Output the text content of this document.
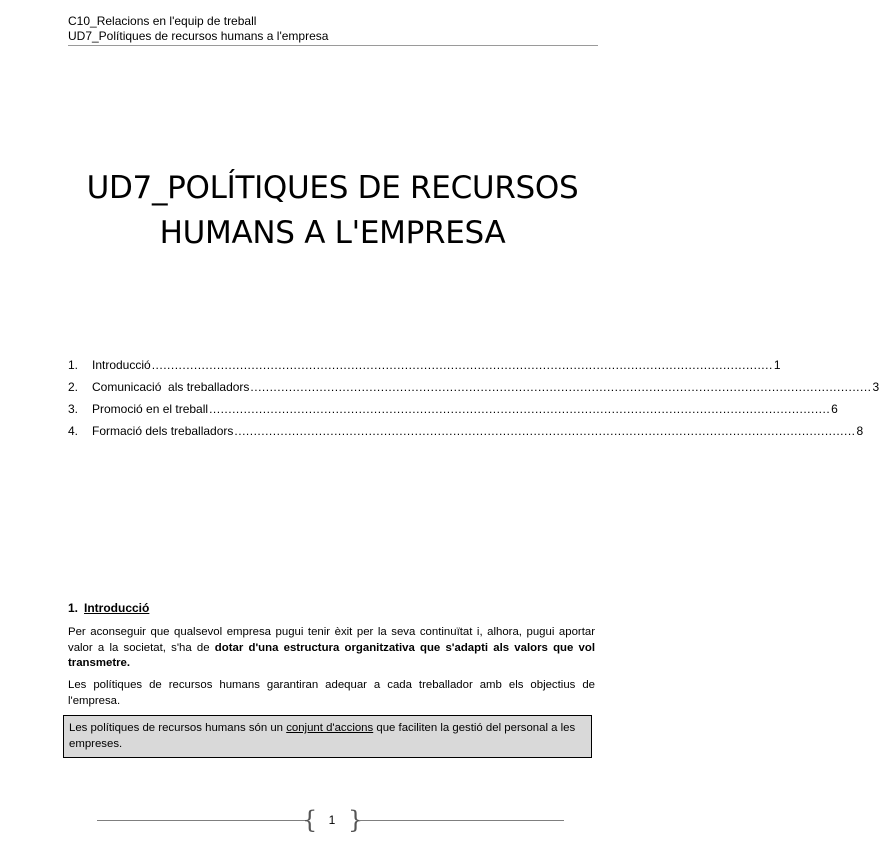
C10_Relacions en l'equip de treball
UD7_Polítiques de recursos humans a l'empresa
UD7_POLÍTIQUES DE RECURSOS
HUMANS A L'EMPRESA
1.	Introducció .................................................................................................................................................................. 1
2.	Comunicació  als treballadors .................................................................................................................................................................. 3
3.	Promoció en el treball .................................................................................................................................................................. 6
4.	Formació dels treballadors .................................................................................................................................................................. 8
1. Introducció
Per aconseguir que qualsevol empresa pugui tenir èxit per la seva continuïtat i, alhora, pugui aportar valor a la societat, s'ha de dotar d'una estructura organitzativa que s'adapti als valors que vol transmetre.
Les polítiques de recursos humans garantiran adequar a cada treballador amb els objectius de l'empresa.
Les polítiques de recursos humans són un conjunt d'accions que faciliten la gestió del personal a les empreses.
{ 1 }
